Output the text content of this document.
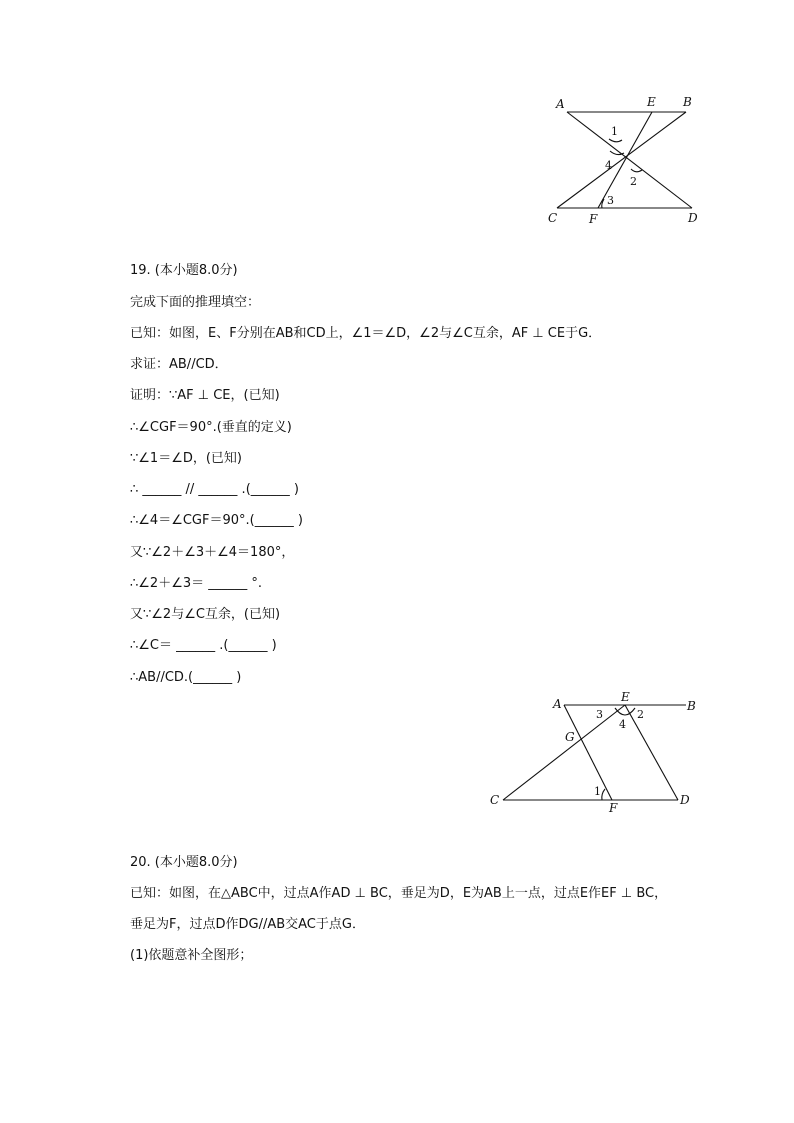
A	E B
C	F	D
1
4
2
3
19. (本小题8.0分)
完成下面的推理填空：
已知：如图，E、F分别在AB和CD上，∠1＝∠D，∠2与∠C互余，AF ⊥ CE于G．
求证：AB//CD．
证明：∵AF ⊥ CE，(已知)
∴∠CGF＝90°.(垂直的定义)
∵∠1＝∠D，(已知)
∴ ______ // ______ .(______ )
∴∠4＝∠CGF＝90°.(______ )
又∵∠2＋∠3＋∠4＝180°，
∴∠2＋∠3＝ ______ °.
又∵∠2与∠C互余，(已知)
∴∠C＝ ______ .(______ )
∴AB//CD.(______ )
A	E
B
G
C
F
D
3
4
2
1
20. (本小题8.0分)
已知：如图，在△ABC中，过点A作AD ⊥ BC，垂足为D，E为AB上一点，过点E作EF ⊥ BC，
垂足为F，过点D作DG//AB交AC于点G．
(1)依题意补全图形；
